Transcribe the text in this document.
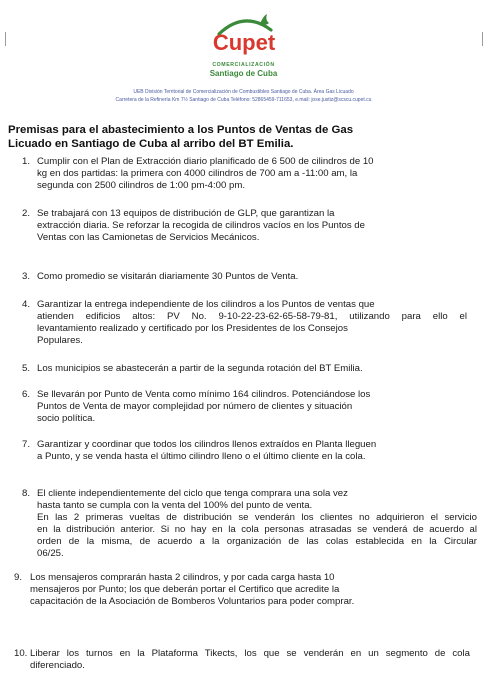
Cupet
COMERCIALIZACIÓN
Santiago de Cuba
UEB División Territorial de Comercialización de Combustibles Santiago de Cuba. Área Gas Licuado
Carretera de la Refinería Km 7½ Santiago de Cuba Teléfono: 52865459-711653, e.mail: jose.justiz@scscu.cupet.cu
Premisas para el abastecimiento a los Puntos de Ventas de Gas
Licuado en Santiago de Cuba al arribo del BT Emilia.
1. Cumplir con el Plan de Extracción diario planificado de 6 500 de cilindros de 10
kg en dos partidas: la primera con 4000 cilindros de 700 am a -11:00 am, la
segunda con 2500 cilindros de 1:00 pm-4:00 pm.
2. Se trabajará con 13 equipos de distribución de GLP, que garantizan la
extracción diaria. Se reforzar la recogida de cilindros vacíos en los Puntos de
Ventas con las Camionetas de Servicios Mecánicos.
3. Como promedio se visitarán diariamente 30 Puntos de Venta.
4. Garantizar la entrega independiente de los cilindros a los Puntos de ventas que
atienden edificios altos: PV No. 9-10-22-23-62-65-58-79-81, utilizando para ello el
levantamiento realizado y certificado por los Presidentes de los Consejos
Populares.
5. Los municipios se abastecerán a partir de la segunda rotación del BT Emilia.
6. Se llevarán por Punto de Venta como mínimo 164 cilindros. Potenciándose los
Puntos de Venta de mayor complejidad por número de clientes y situación
socio política.
7. Garantizar y coordinar que todos los cilindros llenos extraídos en Planta lleguen
a Punto, y se venda hasta el último cilindro lleno o el último cliente en la cola.
8. El cliente independientemente del ciclo que tenga comprara una sola vez
hasta tanto se cumpla con la venta del 100% del punto de venta.
En las 2 primeras vueltas de distribución se venderán los clientes no adquirieron el servicio
en la distribución anterior. Si no hay en la cola personas atrasadas se venderá de acuerdo al
orden de la misma, de acuerdo a la organización de las colas establecida en la Circular
06/25.
9. Los mensajeros comprarán hasta 2 cilindros, y por cada carga hasta 10
mensajeros por Punto; los que deberán portar el Certifico que acredite la
capacitación de la Asociación de Bomberos Voluntarios para poder comprar.
10. Liberar los turnos en la Plataforma Tikects, los que se venderán en un segmento de cola
diferenciado.
